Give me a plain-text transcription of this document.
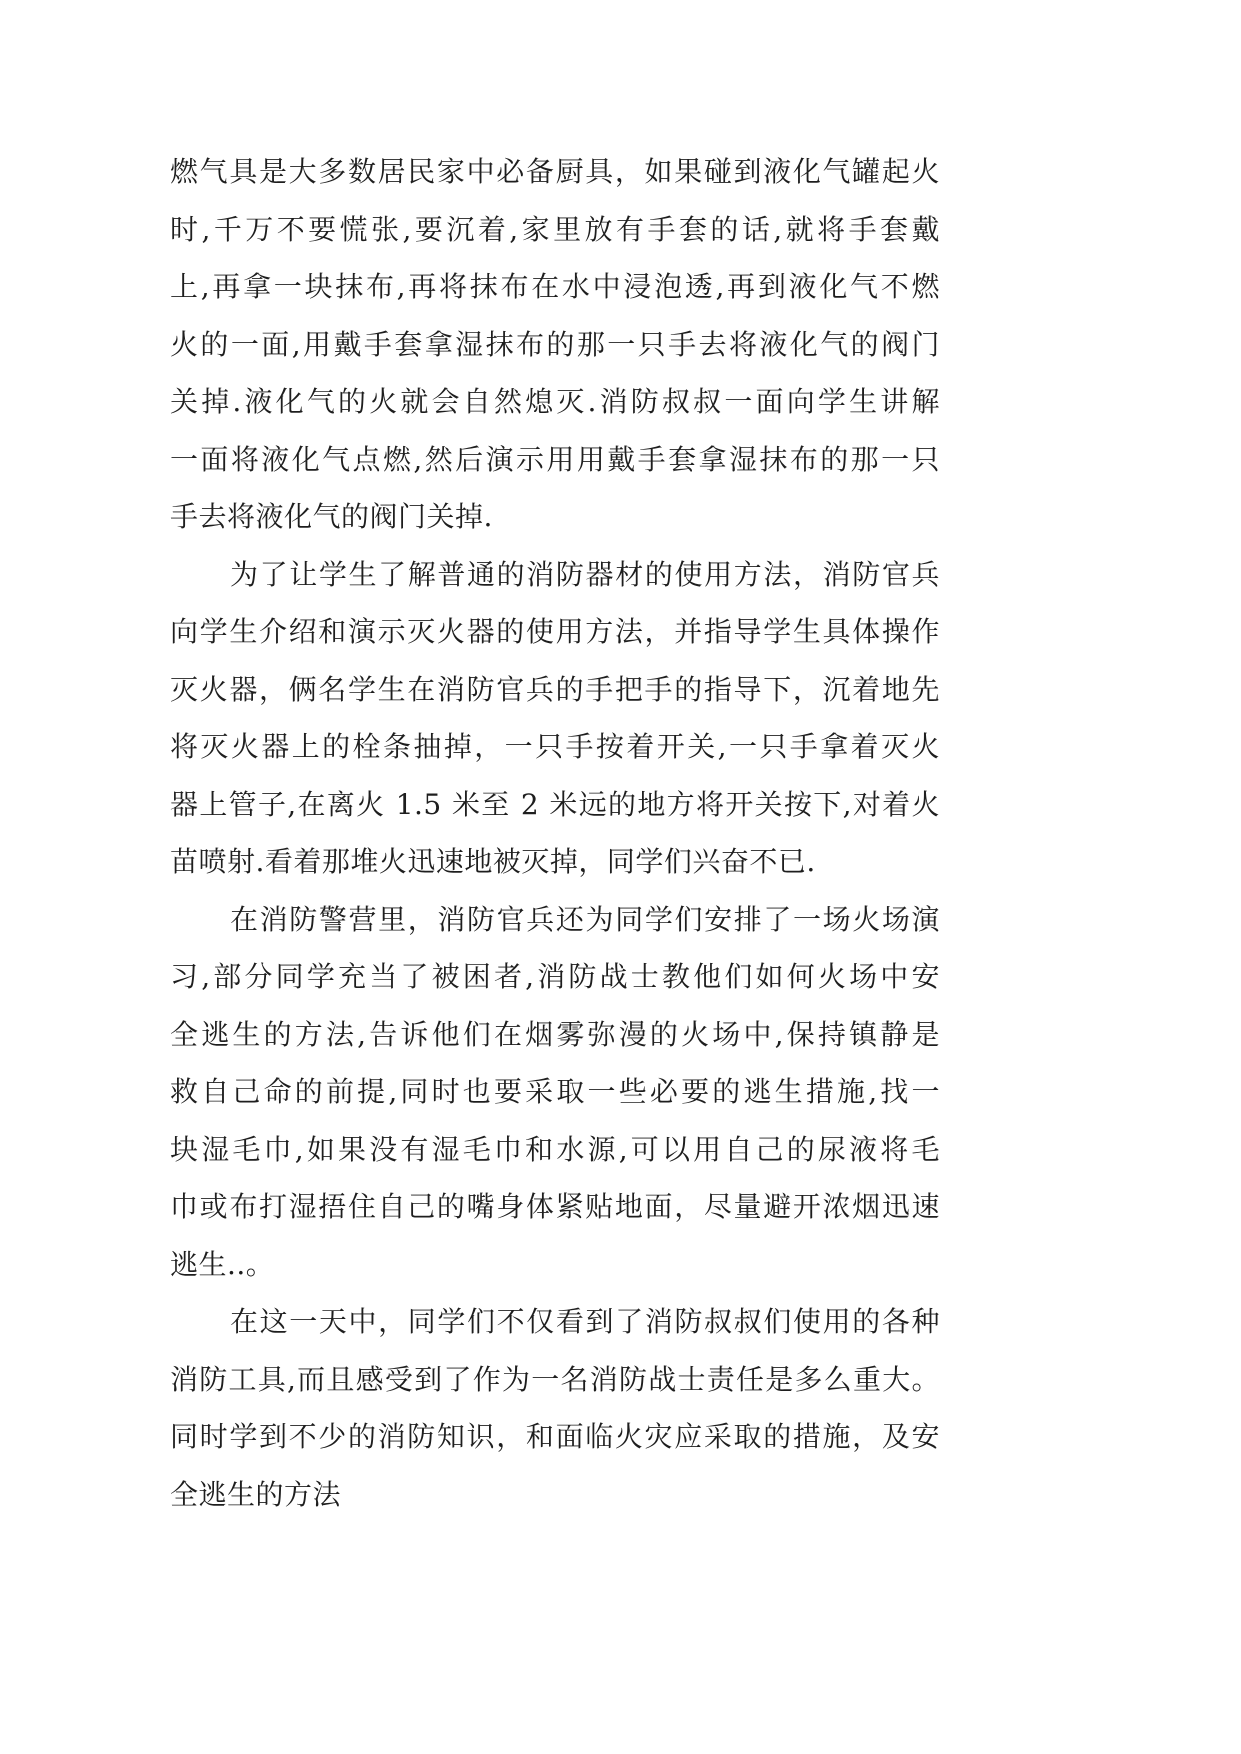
燃气具是大多数居民家中必备厨具，如果碰到液化气罐起火
时,千万不要慌张,要沉着,家里放有手套的话,就将手套戴
上,再拿一块抹布,再将抹布在水中浸泡透,再到液化气不燃
火的一面,用戴手套拿湿抹布的那一只手去将液化气的阀门
关掉.液化气的火就会自然熄灭.消防叔叔一面向学生讲解
一面将液化气点燃,然后演示用用戴手套拿湿抹布的那一只
手去将液化气的阀门关掉.
为了让学生了解普通的消防器材的使用方法，消防官兵
向学生介绍和演示灭火器的使用方法，并指导学生具体操作
灭火器，俩名学生在消防官兵的手把手的指导下，沉着地先
将灭火器上的栓条抽掉，一只手按着开关,一只手拿着灭火
器上管子,在离火 1.5 米至 2 米远的地方将开关按下,对着火
苗喷射.看着那堆火迅速地被灭掉，同学们兴奋不已.
在消防警营里，消防官兵还为同学们安排了一场火场演
习,部分同学充当了被困者,消防战士教他们如何火场中安
全逃生的方法,告诉他们在烟雾弥漫的火场中,保持镇静是
救自己命的前提,同时也要采取一些必要的逃生措施,找一
块湿毛巾,如果没有湿毛巾和水源,可以用自己的尿液将毛
巾或布打湿捂住自己的嘴身体紧贴地面，尽量避开浓烟迅速
逃生..。
在这一天中，同学们不仅看到了消防叔叔们使用的各种
消防工具,而且感受到了作为一名消防战士责任是多么重大。
同时学到不少的消防知识，和面临火灾应采取的措施，及安
全逃生的方法
